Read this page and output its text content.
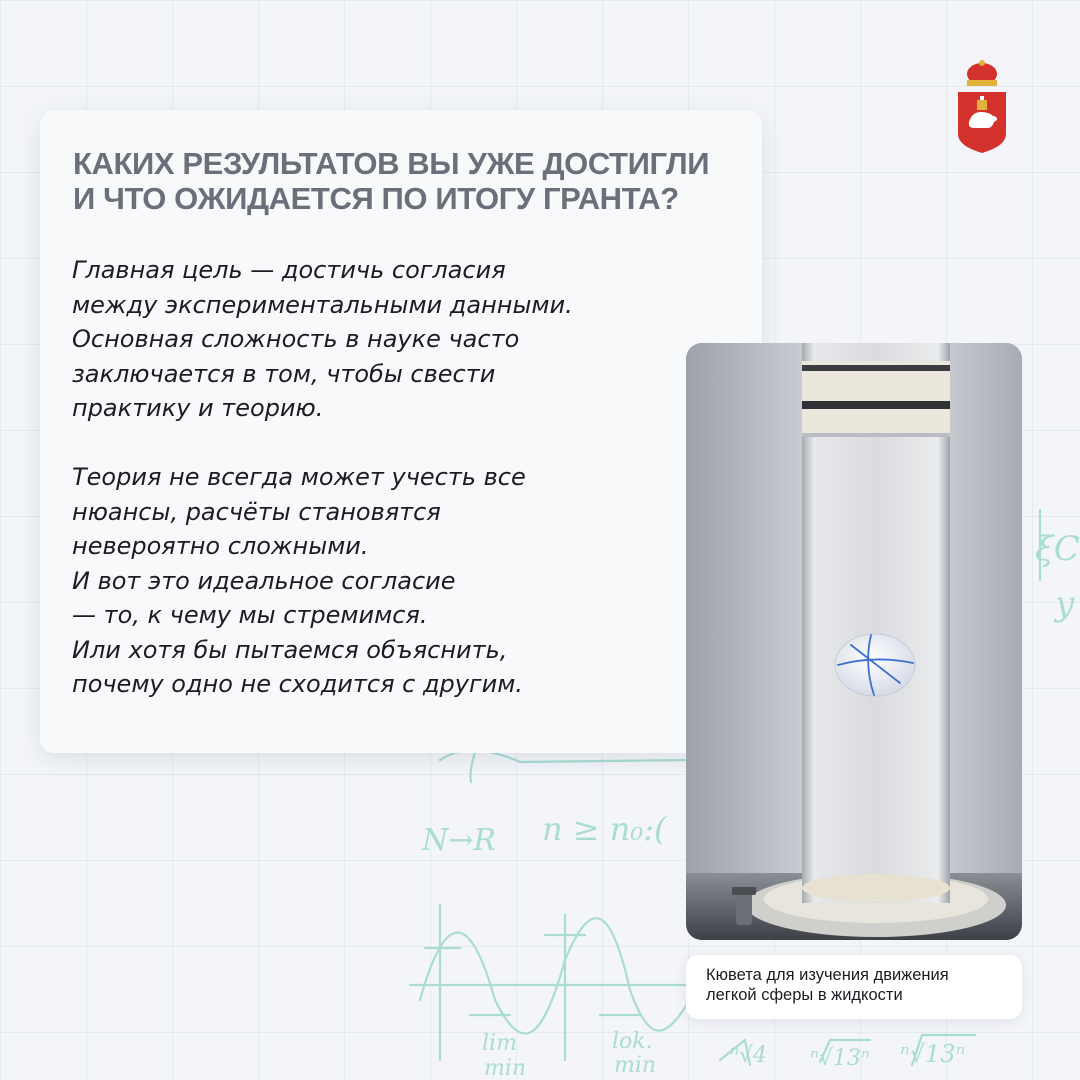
N→R n ≥ n₀:(
lim
min
lok.
min	ⁿ√4 ⁿ√13ⁿ ⁿ√13ⁿ
ξC
y
КАКИХ РЕЗУЛЬТАТОВ ВЫ УЖЕ ДОСТИГЛИ
И ЧТО ОЖИДАЕТСЯ ПО ИТОГУ ГРАНТА?
Главная цель — достичь согласия
между экспериментальными данными.
Основная сложность в науке часто
заключается в том, чтобы свести
практику и теорию.
Теория не всегда может учесть все
нюансы, расчёты становятся
невероятно сложными.
И вот это идеальное согласие
— то, к чему мы стремимся.
Или хотя бы пытаемся объяснить,
почему одно не сходится с другим.
Кювета для изучения движения
легкой сферы в жидкости
